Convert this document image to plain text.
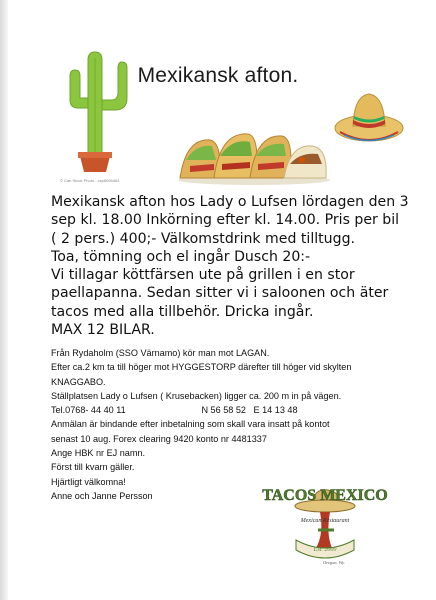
Mexikansk afton.
© Can Stock Photo - csp8096464
Mexikansk afton hos Lady o Lufsen lördagen den 3
sep kl. 18.00 Inkörning efter kl. 14.00. Pris per bil
( 2 pers.) 400;- Välkomstdrink med tilltugg.
Toa, tömning och el ingår Dusch 20:-
Vi tillagar köttfärsen ute på grillen i en stor
paellapanna. Sedan sitter vi i saloonen och äter
tacos med alla tillbehör. Dricka ingår.
MAX 12 BILAR.
Från Rydaholm (SSO Värnamo) kör man mot LAGAN.
Efter ca.2 km ta till höger mot HYGGESTORP därefter till höger vid skylten
KNAGGABO.
Ställplatsen Lady o Lufsen ( Krusebacken) ligger ca. 200 m in på vägen.
Tel.0768- 44 40 11                              N 56 58 52   E 14 13 48
Anmälan är bindande efter inbetalning som skall vara insatt på kontot
senast 10 aug. Forex clearing 9420 konto nr 4481337
Ange HBK nr EJ namn.
Först till kvarn gäller.
Hjärtligt välkomna!
Anne och Janne Persson	TACOS MEXICO
Mexican Restaurant
Est. 2000
Oregon, Wy.
